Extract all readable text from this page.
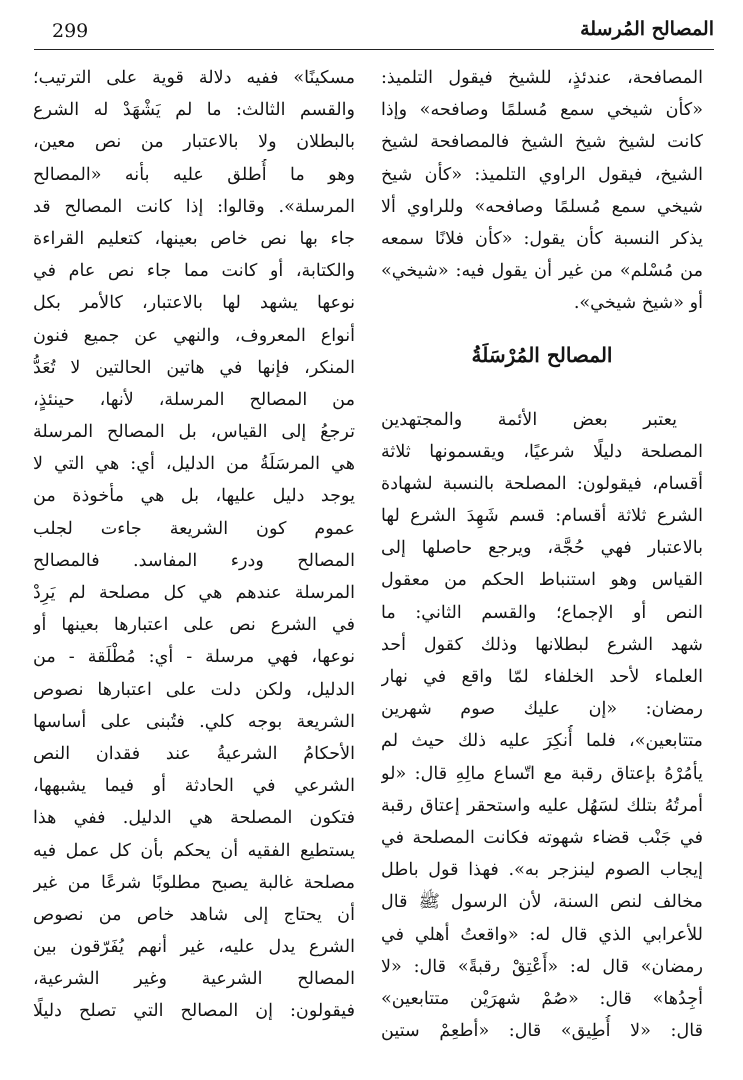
299	المصالح المُرسلة
المصافحة، عندئذٍ، للشيخ فيقول التلميذ:
«كأن شيخي سمع مُسلمًا وصافحه» وإذا
كانت لشيخ شيخ الشيخ فالمصافحة لشيخ
الشيخ، فيقول الراوي التلميذ: «كأن شيخ
شيخي سمع مُسلمًا وصافحه» وللراوي ألا
يذكر النسبة كأن يقول: «كأن فلانًا سمعه
من مُسْلم» من غير أن يقول فيه: «شيخي»
أو «شيخ شيخي».
المصالح المُرْسَلَةُ
يعتبر بعض الأئمة والمجتهدين
المصلحة دليلًا شرعيًا، ويقسمونها ثلاثة
أقسام، فيقولون: المصلحة بالنسبة لشهادة
الشرع ثلاثة أقسام: قسم شَهِدَ الشرع لها
بالاعتبار فهي حُجَّة، ويرجع حاصلها إلى
القياس وهو استنباط الحكم من معقول
النص أو الإجماع؛ والقسم الثاني: ما
شهد الشرع لبطلانها وذلك كقول أحد
العلماء لأحد الخلفاء لمّا واقع في نهار
رمضان: «إن عليك صوم شهرين
متتابعين»، فلما أُنكِرَ عليه ذلك حيث لم
يأمُرْهُ بإعتاق رقبة مع اتّساع مالِهِ قال: «لو
أمرتُهُ بتلك لسَهُل عليه واستحقر إعتاق رقبة
في جَنْب قضاء شهوته فكانت المصلحة في
إيجاب الصوم لينزجر به». فهذا قول باطل
مخالف لنص السنة، لأن الرسول ﷺ قال
للأعرابي الذي قال له: «واقعتُ أهلي في
رمضان» قال له: «أَعْتِقْ رقبةً» قال: «لا
أجِدُها» قال: «صُمْ شهرَيْن متتابعين»
قال: «لا أُطِيق» قال: «أطعِمْ ستين
مسكينًا» ففيه دلالة قوية على الترتيب؛
والقسم الثالث: ما لم يَشْهَدْ له الشرع
بالبطلان ولا بالاعتبار من نص معين،
وهو ما أُطلق عليه بأنه «المصالح
المرسلة». وقالوا: إذا كانت المصالح قد
جاء بها نص خاص بعينها، كتعليم القراءة
والكتابة، أو كانت مما جاء نص عام في
نوعها يشهد لها بالاعتبار، كالأمر بكل
أنواع المعروف، والنهي عن جميع فنون
المنكر، فإنها في هاتين الحالتين لا تُعَدُّ
من المصالح المرسلة، لأنها، حينئذٍ،
ترجعُ إلى القياس، بل المصالح المرسلة
هي المرسَلَةُ من الدليل، أي: هي التي لا
يوجد دليل عليها، بل هي مأخوذة من
عموم كون الشريعة جاءت لجلب
المصالح ودرء المفاسد. فالمصالح
المرسلة عندهم هي كل مصلحة لم يَرِدْ
في الشرع نص على اعتبارها بعينها أو
نوعها، فهي مرسلة - أي: مُطْلَقة - من
الدليل، ولكن دلت على اعتبارها نصوص
الشريعة بوجه كلي. فتُبنى على أساسها
الأحكامُ الشرعيةُ عند فقدان النص
الشرعي في الحادثة أو فيما يشبهها،
فتكون المصلحة هي الدليل. ففي هذا
يستطيع الفقيه أن يحكم بأن كل عمل فيه
مصلحة غالبة يصبح مطلوبًا شرعًا من غير
أن يحتاج إلى شاهد خاص من نصوص
الشرع يدل عليه، غير أنهم يُفَرّقون بين
المصالح الشرعية وغير الشرعية،
فيقولون: إن المصالح التي تصلح دليلًا
